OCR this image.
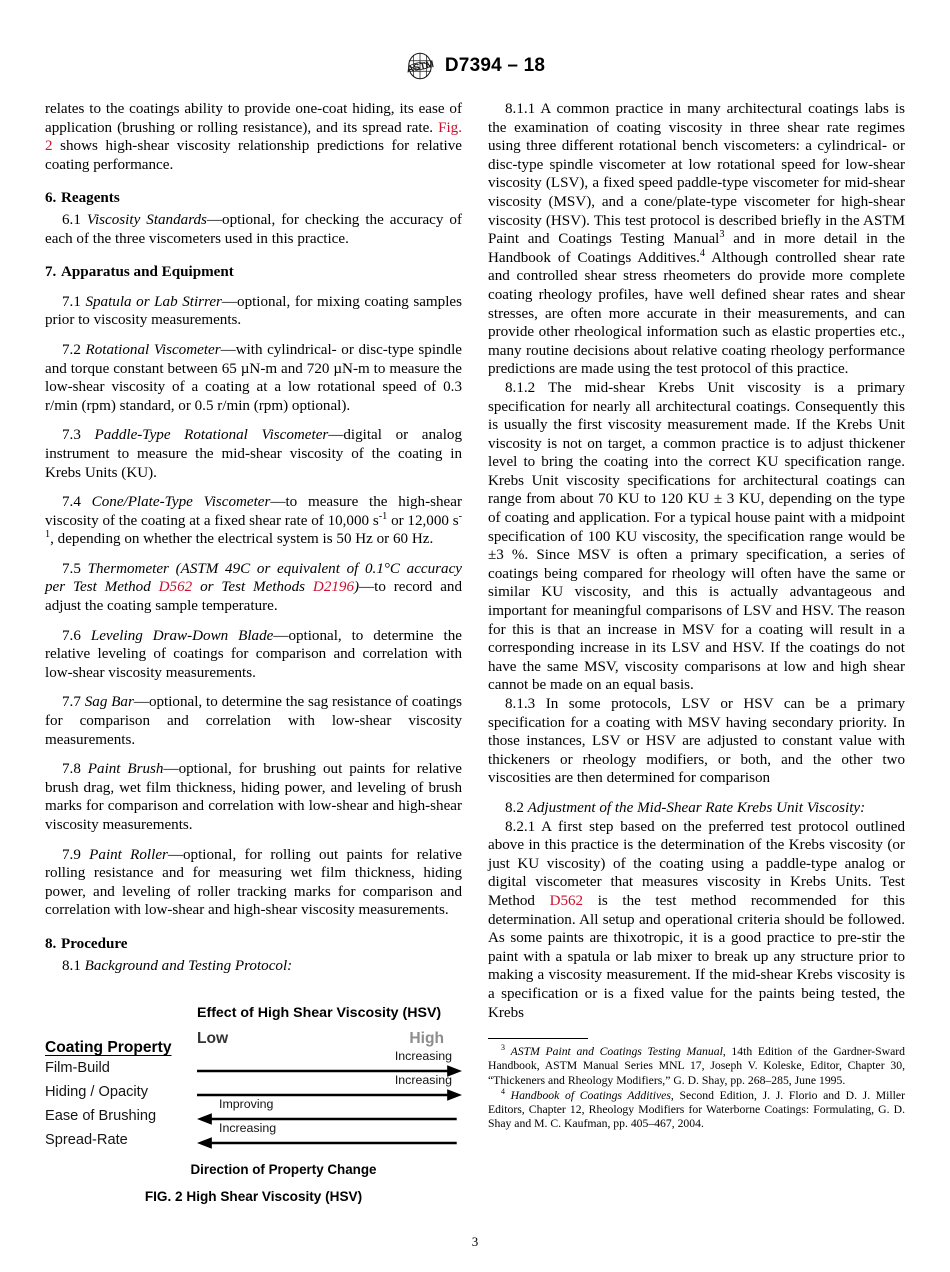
ASTM D7394 – 18

relates to the coatings ability to provide one-coat hiding, its ease of application (brushing or rolling resistance), and its spread rate. Fig. 2 shows high-shear viscosity relationship predictions for relative coating performance.

6. Reagents

6.1 Viscosity Standards—optional, for checking the accuracy of each of the three viscometers used in this practice.

7. Apparatus and Equipment

7.1 Spatula or Lab Stirrer—optional, for mixing coating samples prior to viscosity measurements.

7.2 Rotational Viscometer—with cylindrical- or disc-type spindle and torque constant between 65 µN-m and 720 µN-m to measure the low-shear viscosity of a coating at a low rotational speed of 0.3 r/min (rpm) standard, or 0.5 r/min (rpm) optional).

7.3 Paddle-Type Rotational Viscometer—digital or analog instrument to measure the mid-shear viscosity of the coating in Krebs Units (KU).

7.4 Cone/Plate-Type Viscometer—to measure the high-shear viscosity of the coating at a fixed shear rate of 10,000 $s^{-1}$ or 12,000 $s^{-1}$, depending on whether the electrical system is 50 Hz or 60 Hz.

7.5 Thermometer (ASTM 49C or equivalent of 0.1°C accuracy per Test Method D562 or Test Methods D2196)—to record and adjust the coating sample temperature.

7.6 Leveling Draw-Down Blade—optional, to determine the relative leveling of coatings for comparison and correlation with low-shear viscosity measurements.

7.7 Sag Bar—optional, to determine the sag resistance of coatings for comparison and correlation with low-shear viscosity measurements.

7.8 Paint Brush—optional, for brushing out paints for relative brush drag, wet film thickness, hiding power, and leveling of brush marks for comparison and correlation with low-shear and high-shear viscosity measurements.

7.9 Paint Roller—optional, for rolling out paints for relative rolling resistance and for measuring wet film thickness, hiding power, and leveling of roller tracking marks for comparison and correlation with low-shear and high-shear viscosity measurements.

8. Procedure

8.1 Background and Testing Protocol:

Effect of High Shear Viscosity (HSV)
Coating Property
Low	High
Film-Build
Increasing
Hiding / Opacity
Increasing
Ease of Brushing
Improving
Spread-Rate
Increasing
Direction of Property Change
FIG. 2 High Shear Viscosity (HSV)

8.1.1 A common practice in many architectural coatings labs is the examination of coating viscosity in three shear rate regimes using three different rotational bench viscometers: a cylindrical- or disc-type spindle viscometer at low rotational speed for low-shear viscosity (LSV), a fixed speed paddle-type viscometer for mid-shear viscosity (MSV), and a cone/plate-type viscometer for high-shear viscosity (HSV). This test protocol is described briefly in the ASTM Paint and Coatings Testing Manual$^3$ and in more detail in the Handbook of Coatings Additives.$^4$ Although controlled shear rate and controlled shear stress rheometers do provide more complete coating rheology profiles, have well defined shear rates and shear stresses, are often more accurate in their measurements, and can provide other rheological information such as elastic properties etc., many routine decisions about relative coating rheology performance predictions are made using the test protocol of this practice.

8.1.2 The mid-shear Krebs Unit viscosity is a primary specification for nearly all architectural coatings. Consequently this is usually the first viscosity measurement made. If the Krebs Unit viscosity is not on target, a common practice is to adjust thickener level to bring the coating into the correct KU specification range. Krebs Unit viscosity specifications for architectural coatings can range from about 70 KU to 120 KU ± 3 KU, depending on the type of coating and application. For a typical house paint with a midpoint specification of 100 KU viscosity, the specification range would be ±3 %. Since MSV is often a primary specification, a series of coatings being compared for rheology will often have the same or similar KU viscosity, and this is actually advantageous and important for meaningful comparisons of LSV and HSV. The reason for this is that an increase in MSV for a coating will result in a corresponding increase in its LSV and HSV. If the coatings do not have the same MSV, viscosity comparisons at low and high shear cannot be made on an equal basis.

8.1.3 In some protocols, LSV or HSV can be a primary specification for a coating with MSV having secondary priority. In those instances, LSV or HSV are adjusted to constant value with thickeners or rheology modifiers, or both, and the other two viscosities are then determined for comparison

8.2 Adjustment of the Mid-Shear Rate Krebs Unit Viscosity:

8.2.1 A first step based on the preferred test protocol outlined above in this practice is the determination of the Krebs viscosity (or just KU viscosity) of the coating using a paddle-type analog or digital viscometer that measures viscosity in Krebs Units. Test Method D562 is the test method recommended for this determination. All setup and operational criteria should be followed. As some paints are thixotropic, it is a good practice to pre-stir the paint with a spatula or lab mixer to break up any structure prior to making a viscosity measurement. If the mid-shear Krebs viscosity is a specification or is a fixed value for the paints being tested, the Krebs

$^3$ ASTM Paint and Coatings Testing Manual, 14th Edition of the Gardner-Sward Handbook, ASTM Manual Series MNL 17, Joseph V. Koleske, Editor, Chapter 30, “Thickeners and Rheology Modifiers,” G. D. Shay, pp. 268–285, June 1995.

$^4$ Handbook of Coatings Additives, Second Edition, J. J. Florio and D. J. Miller Editors, Chapter 12, Rheology Modifiers for Waterborne Coatings: Formulating, G. D. Shay and M. C. Kaufman, pp. 405–467, 2004.

3
